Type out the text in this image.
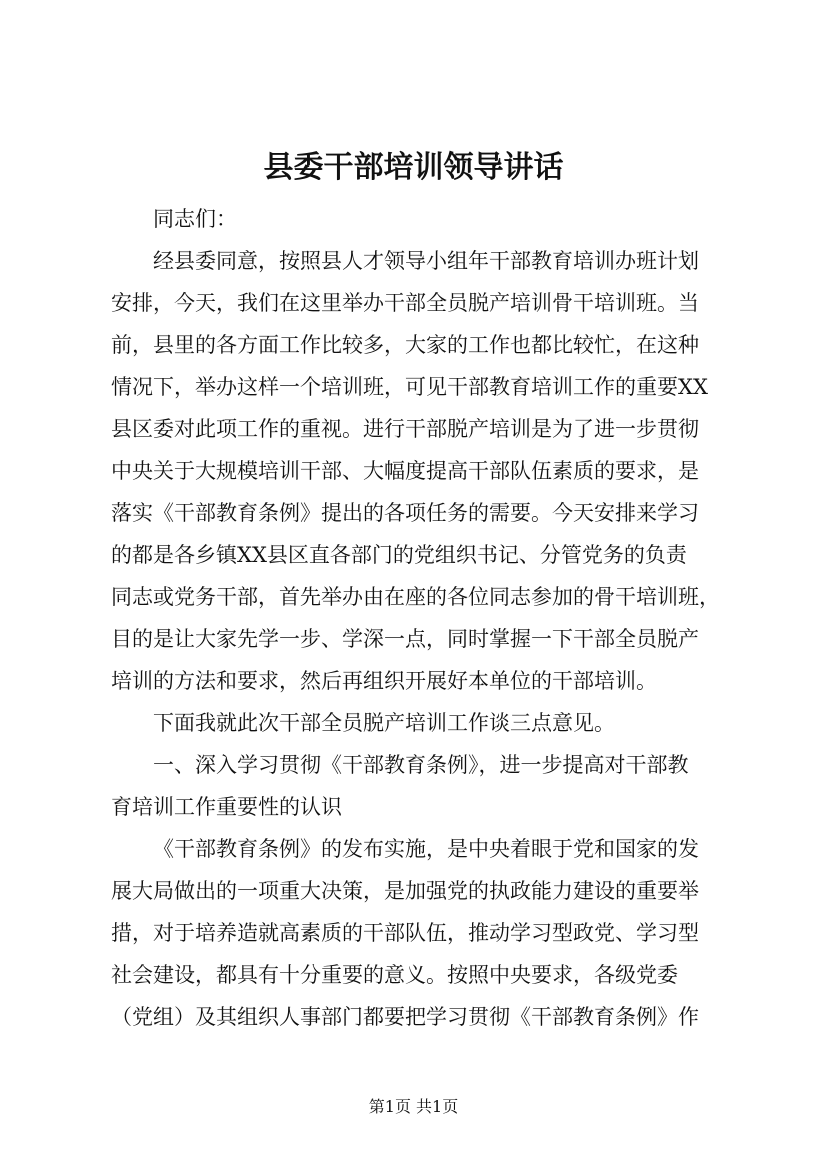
县委干部培训领导讲话
同志们：
经县委同意，按照县人才领导小组年干部教育培训办班计划
安排，今天，我们在这里举办干部全员脱产培训骨干培训班。当
前，县里的各方面工作比较多，大家的工作也都比较忙，在这种
情况下，举办这样一个培训班，可见干部教育培训工作的重要XX
县区委对此项工作的重视。进行干部脱产培训是为了进一步贯彻
中央关于大规模培训干部、大幅度提高干部队伍素质的要求，是
落实《干部教育条例》提出的各项任务的需要。今天安排来学习
的都是各乡镇XX县区直各部门的党组织书记、分管党务的负责
同志或党务干部，首先举办由在座的各位同志参加的骨干培训班，
目的是让大家先学一步、学深一点，同时掌握一下干部全员脱产
培训的方法和要求，然后再组织开展好本单位的干部培训。
下面我就此次干部全员脱产培训工作谈三点意见。
一、深入学习贯彻《干部教育条例》，进一步提高对干部教
育培训工作重要性的认识
《干部教育条例》的发布实施，是中央着眼于党和国家的发
展大局做出的一项重大决策，是加强党的执政能力建设的重要举
措，对于培养造就高素质的干部队伍，推动学习型政党、学习型
社会建设，都具有十分重要的意义。按照中央要求，各级党委
（党组）及其组织人事部门都要把学习贯彻《干部教育条例》作
第1页 共1页
